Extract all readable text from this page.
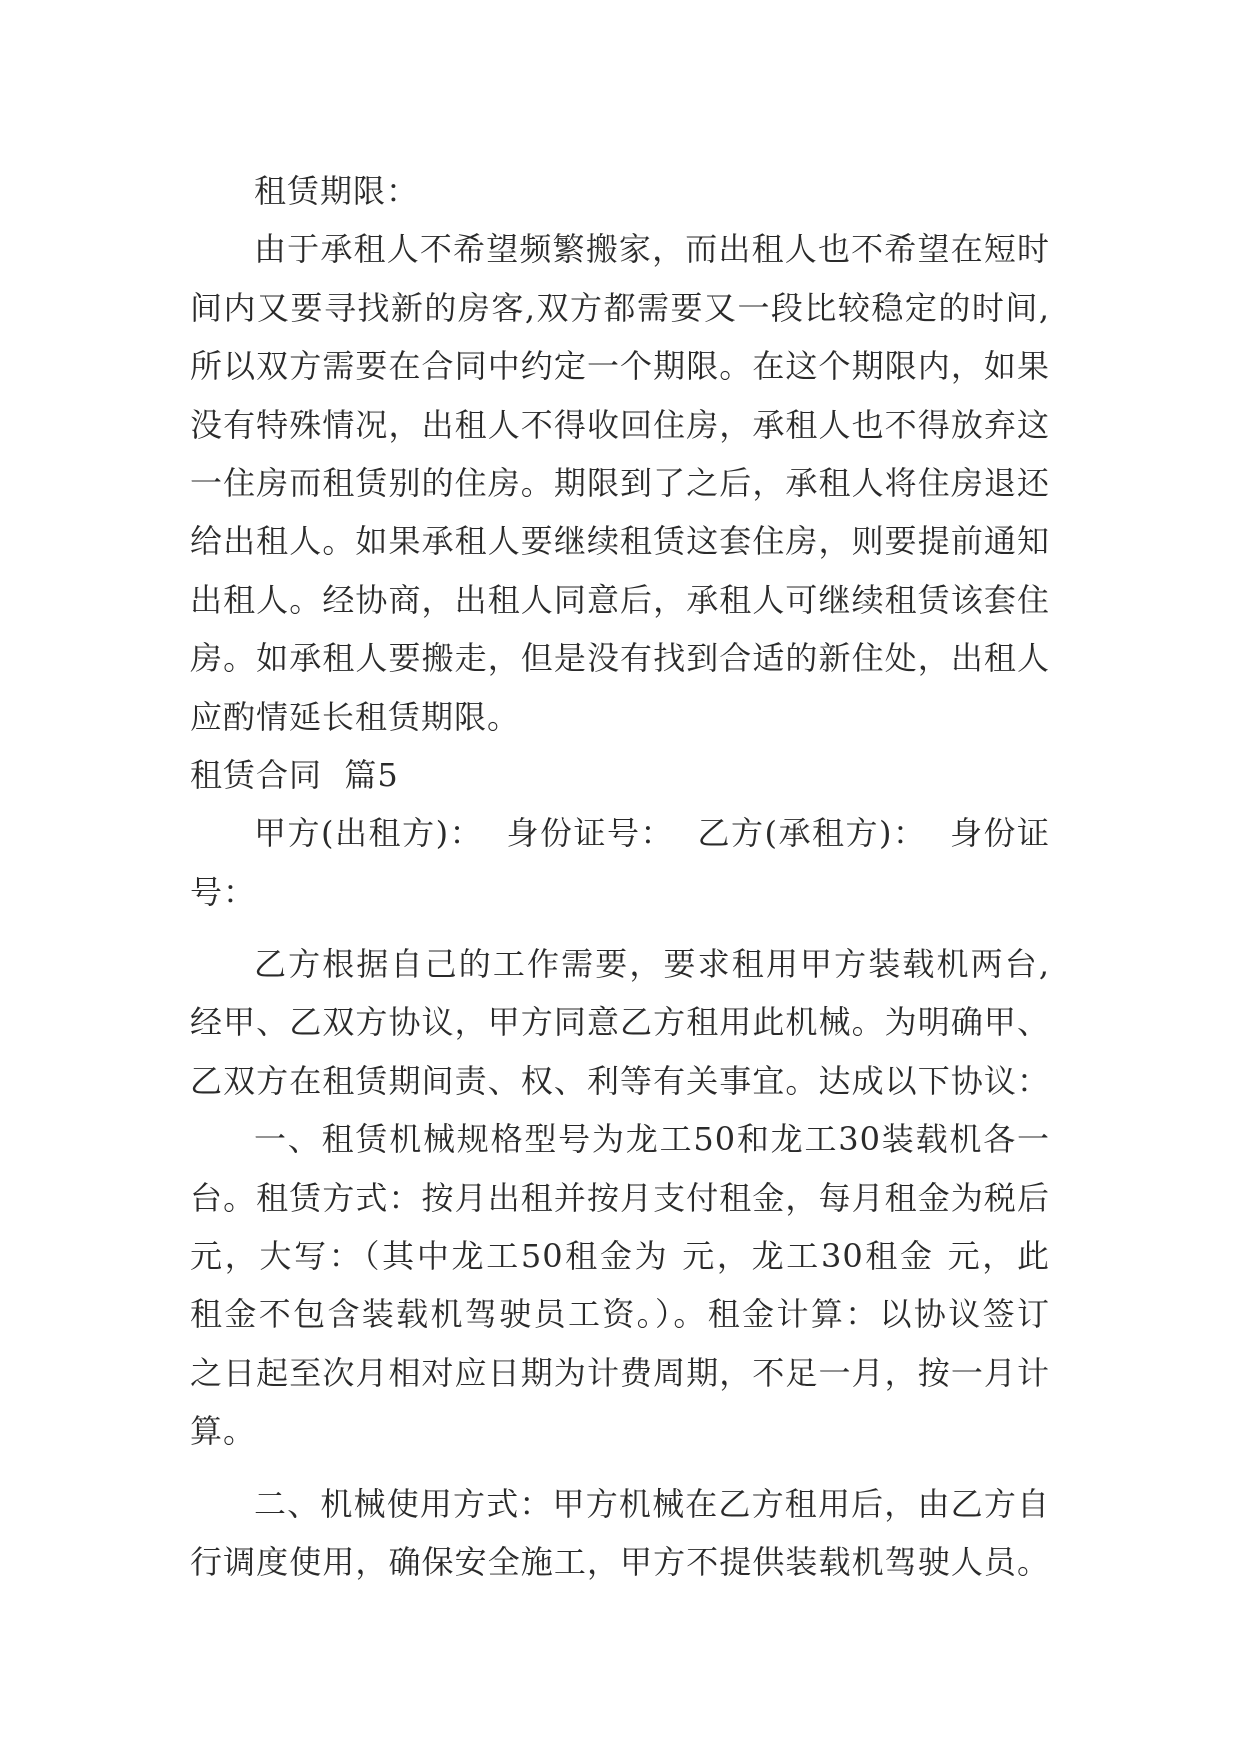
租赁期限：
由于承租人不希望频繁搬家，而出租人也不希望在短时
间内又要寻找新的房客,双方都需要又一段比较稳定的时间,
所以双方需要在合同中约定一个期限。在这个期限内，如果
没有特殊情况，出租人不得收回住房，承租人也不得放弃这
一住房而租赁别的住房。期限到了之后，承租人将住房退还
给出租人。如果承租人要继续租赁这套住房，则要提前通知
出租人。经协商，出租人同意后，承租人可继续租赁该套住
房。如承租人要搬走，但是没有找到合适的新住处，出租人
应酌情延长租赁期限。
租赁合同  篇5
甲方(出租方)：  身份证号：  乙方(承租方)：  身份证
号：
乙方根据自己的工作需要，要求租用甲方装载机两台,
经甲、乙双方协议，甲方同意乙方租用此机械。为明确甲、
乙双方在租赁期间责、权、利等有关事宜。达成以下协议：
一、租赁机械规格型号为龙工50和龙工30装载机各一
台。租赁方式：按月出租并按月支付租金，每月租金为税后
元，大写：（其中龙工50租金为 元，龙工30租金 元，此
租金不包含装载机驾驶员工资。）。租金计算：以协议签订
之日起至次月相对应日期为计费周期，不足一月，按一月计
算。
二、机械使用方式：甲方机械在乙方租用后，由乙方自
行调度使用，确保安全施工，甲方不提供装载机驾驶人员。
